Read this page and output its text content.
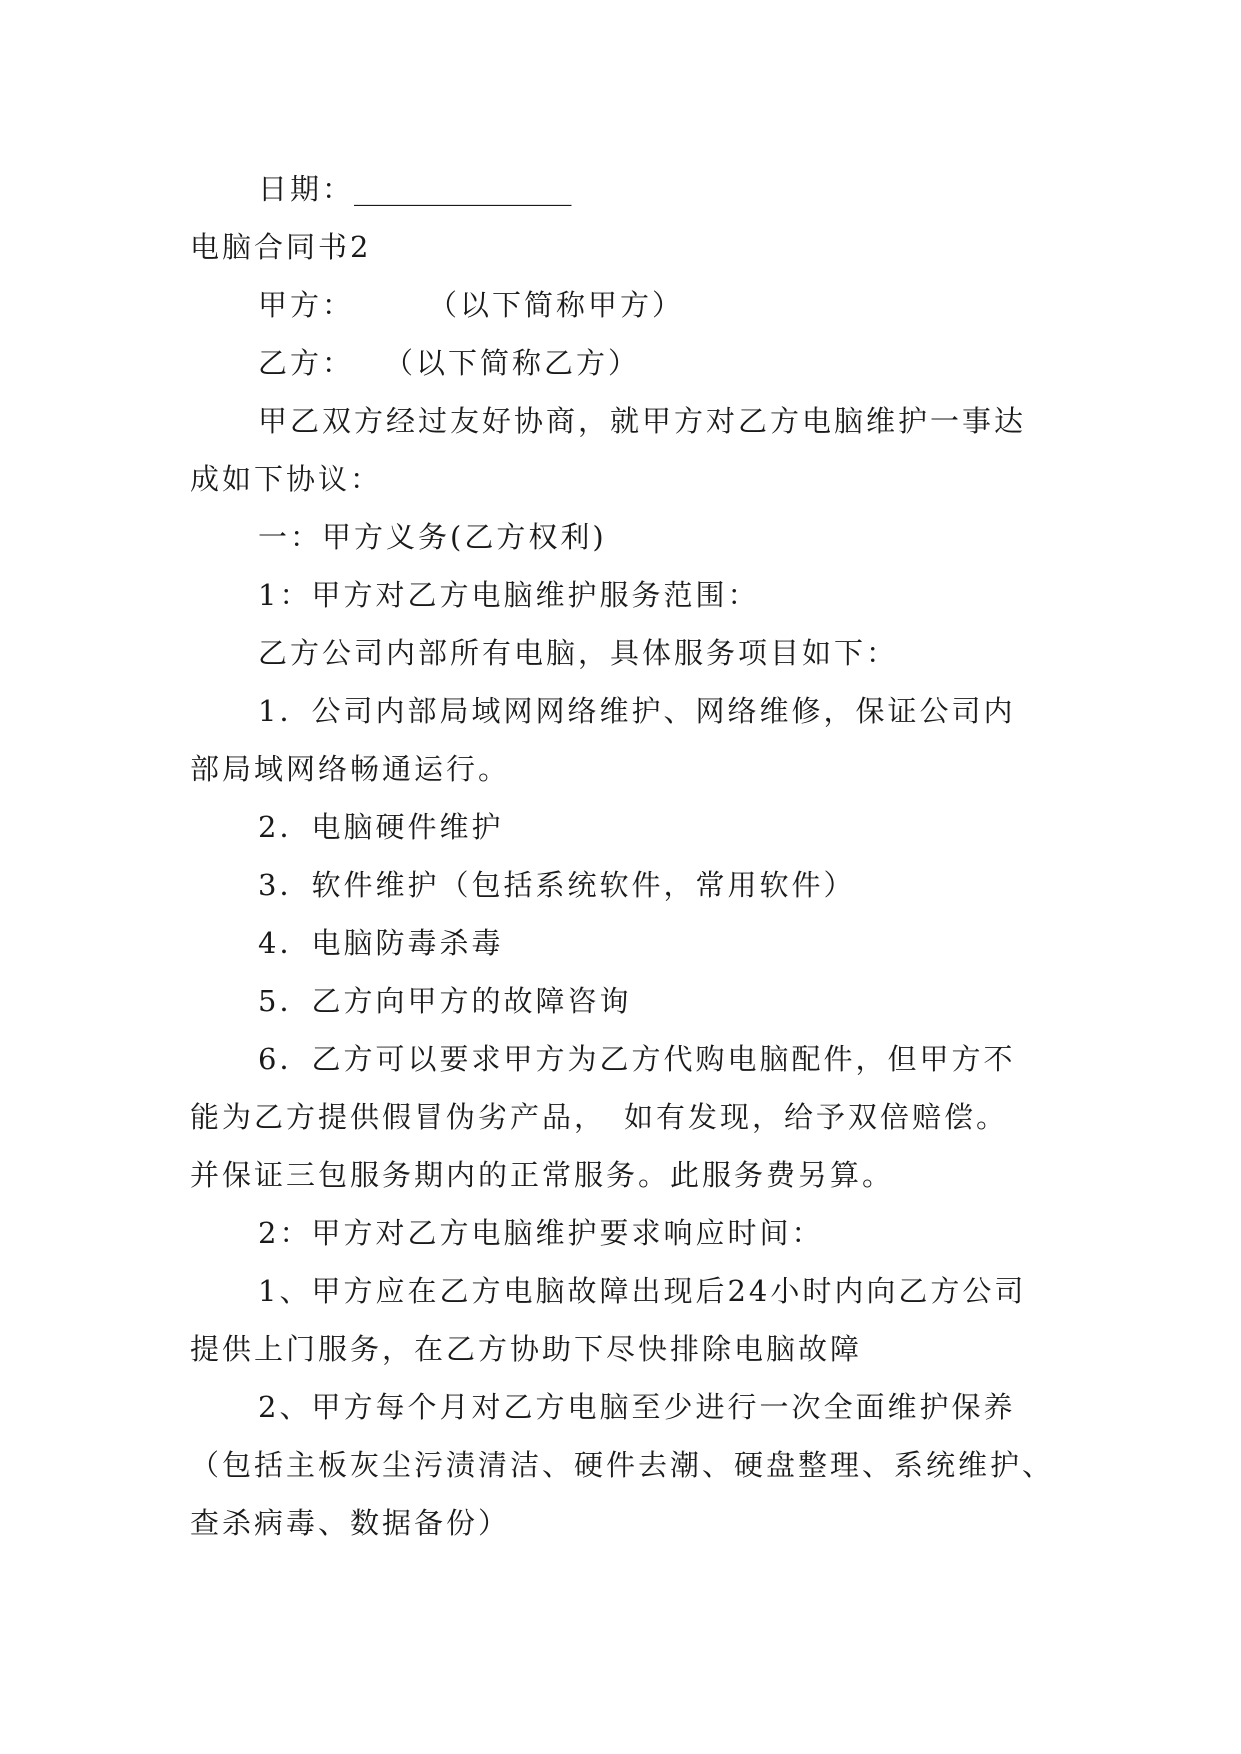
日期：_______________
电脑合同书2
甲方：	（以下简称甲方）
乙方： （以下简称乙方）
甲乙双方经过友好协商，就甲方对乙方电脑维护一事达
成如下协议：
一：甲方义务(乙方权利)
1：甲方对乙方电脑维护服务范围：
乙方公司内部所有电脑，具体服务项目如下：
1．公司内部局域网网络维护、网络维修，保证公司内
部局域网络畅通运行。
2．电脑硬件维护
3．软件维护（包括系统软件，常用软件）
4．电脑防毒杀毒
5．乙方向甲方的故障咨询
6．乙方可以要求甲方为乙方代购电脑配件，但甲方不
能为乙方提供假冒伪劣产品， 如有发现，给予双倍赔偿。
并保证三包服务期内的正常服务。此服务费另算。
2：甲方对乙方电脑维护要求响应时间：
1、甲方应在乙方电脑故障出现后24小时内向乙方公司
提供上门服务，在乙方协助下尽快排除电脑故障
2、甲方每个月对乙方电脑至少进行一次全面维护保养
（包括主板灰尘污渍清洁、硬件去潮、硬盘整理、系统维护、
查杀病毒、数据备份）
